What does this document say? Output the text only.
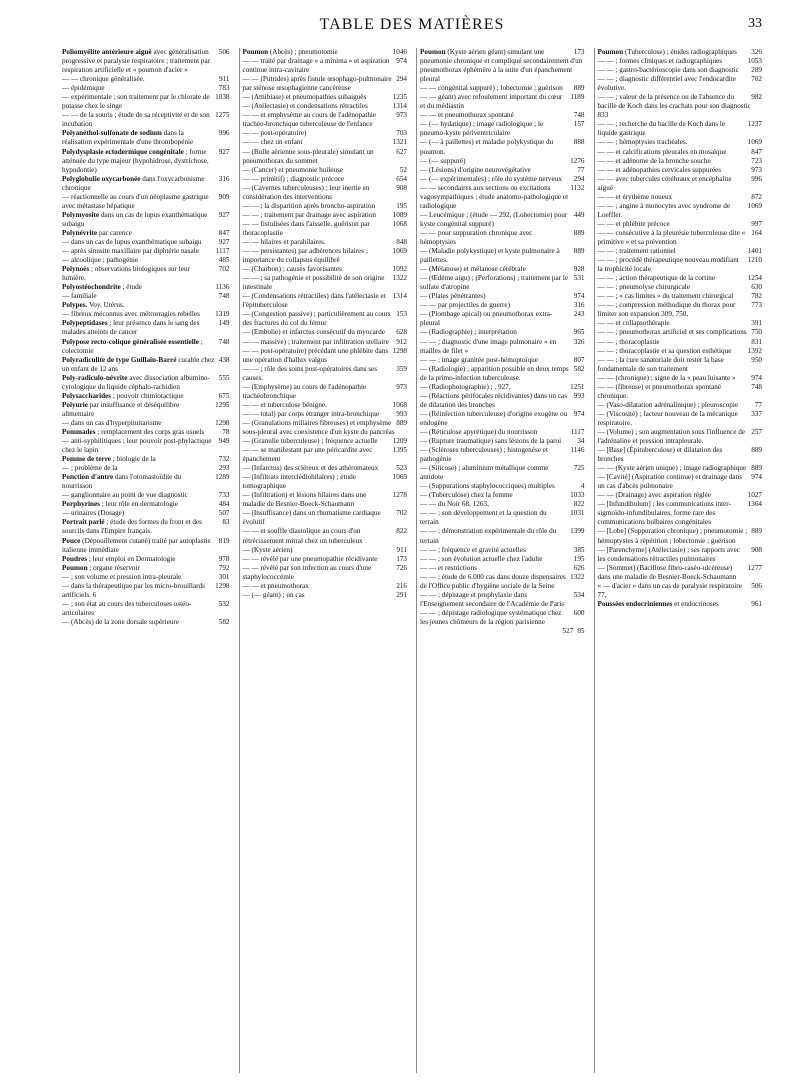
TABLE DES MATIÈRES	33

506
Poliomyélite antérieure aiguë avec généralisation progressive et paralysie respiratoire ; traitement par respiration artificielle et « poumon d'acier »

911
— — chronique généralisée.

783
— épidémique

1038
— expérimentale ; son traitement par le chlorate de potasse chez le singe

1275
— — de la souris ; étude de sa réceptivité et de son incubation

996
Polyanéthol-sulfonate de sodium dans la réalisation expérimentale d'une thrombopénie

927
Polydysplasie ectodermique congénitale ; forme atténuée du type majeur (hypohidrose, dystrichose, hypodontie)

316
Polyglobulie oxycarbonée dans l'oxycarbonisme chronique

909
— réactionnelle au cours d'un néoplasme gastrique avec métastase hépatique

927
Polymyosite dans un cas de lupus exanthématique subaigu

847
Polynévrite par carence

927
— dans un cas de lupus exanthématique subaigu

1117
— après sinusite maxillaire par diphtérie nasale

485
— alcoolique ; pathogénie

702
Polynoés ; observations biologiques sur leur lumière.

1136
Polyostéochondrite ; étude

748
— familiale

Polypes. Voy. Utérus.

1319
— fibreux méconnus avec métrorragies rebelles

149
Polypeptidases ; leur présence dans le sang des malades atteints de cancer

748
Polypose recto-colique généralisée essentielle ; colectomie

438
Polyradiculite de type Guillain-Barré curable chez un enfant de 12 ans

555
Poly-radiculo-névrite avec dissociation albumino-cytologique du liquide céphalo-rachidien

675
Polysaccharides ; pouvoir chimiotactique

1295
Polyurie par insuffisance et déséquilibre alimentaire

1298
— dans un cas d'hyperpituitarisme

78
Pommades ; remplacement des corps gras usuels

949
— anti-syphilitiques ; leur pouvoir post-phylactique chez le lapin

732
Pomme de terre ; biologie de la

293
— ; problème de la

1289
Ponction d'antre dans l'otomastoïdite du nourrisson

733
— ganglionnaire au point de vue diagnostic

484
Porphyrines ; leur rôle en dermatologie

507
— urinaires (Dosage)

83
Portrait parlé ; étude des formes du front et des sourcils dans l'Empire français.

819
Pouce (Dépouillement cutané) traité par autoplastie italienne immédiate

978
Poudres ; leur emploi en Dermatologie

792
Poumon ; organe réservoir

301
— ; son volume et pression intra-pleurale

1298
— dans la thérapeutique par les micro-brouillards artificiels. 6

532
— ; son état au cours des tuberculoses ostéo-articulaires

582
— (Abcès) de la zone dorsale supérieure

1046
Poumon (Abcès) ; pneumotomie

974
— — traité par drainage « a minima » et aspiration continue intra-cavitaire

294
— — (Putrides) après fistule œsophago-pulmonaire par sténose œsophagienne cancéreuse

1235
— (Amibiase) et pneumopathies subaiguës

1314
— (Atélectasie) et condensations rétractiles

973
— — et emphysème au cours de l'adénopathie trachéo-bronchique tuberculeuse de l'enfance

703
— — post-opératoire)

1321
— — chez un enfant

627
— (Bulle aérienne sous-pleurale) simulant un pneumothorax du sommet

52
— (Cancer) et pneumonie huileuse

654
— — primitif) ; diagnostic précoce

908
— (Cavernes tuberculeuses) ; leur inertie en considération des interventions

195
— — ; la disparition après broncho-aspiration

1089
— — ; traitement par drainage avec aspiration

1068
— — fistulisées dans l'aisselle, guérison par thoracoplastie

848
— — hilaires et parahilaires.

1069
— — persistantes) par adhérences hilaires ; importance du collapsus équilibré

1092
— (Charbon) ; causes favorisantes

1322
— — ; sa pathogénie et possibilité de son origine intestinale

1314
— (Condensations rétractiles) dans l'atélectasie et l'épituberculose

153
— (Congestion passive) ; particulièrement au cours des fractures du col du fémur

628
— (Embolie) et infarctus consécutif du myocarde

912
— — massive) ; traitement par infiltration stellaire

1298
— — post-opératoire) précédant une phlébite dans une opération d'hallux valgus

359
— — ; rôle des soins post-opératoires dans ses causes.

973
— (Emphysème) au cours de l'adénopathie trachéobronchique

1068
— — et tuberculose bénigne.

993
— — total) par corps étranger intra-bronchique

889
— (Granulations miliaires fibreuses) et emphysème sous-pleural avec coexistence d'un kyste du pancréas

1209
— (Granulie tuberculeuse) ; fréquence actuelle

1395
— — se manifestant par une péricardite avec épanchement

523
— (Infarctus) des scléreux et des athéromateux

1069
— (Infiltrats interclédiohilaires) ; étude tomographique

1278
— (Infiltration) et lésions hilaires dans une maladie de Besnier-Boeck-Schaumann

702
— (Insuffisance) dans un rhumatisme cardiaque évolutif

822
— — et souffle diastolique au cours d'un rétrécissement mitral chez un tuberculeux

911
— (Kyste aérien)

173
— — révélé par une pneumopathie récidivante

726
— — révélé par son infection au cours d'une staphylococcémie

216
— — et pneumothorax

291
— (— géant) ; un cas

173
Poumon (Kyste aérien géant) simulant une pneumonie chronique et compliqué secondairement d'un pneumothorax éphémère à la suite d'un épanchement pleural

889
— — congénital suppuré) ; lobectomie ; guérison

1189
— — géant) avec refoulement important du cœur et du médiastin

748
— — et pneumothorax spontané

157
— (— hydatique) ; image radiologique ; le pneumo-kyste périventriculaire

888
— (— à paillettes) et maladie polykystique du poumon.

1276
— (— suppuré)

77
— (Lésions) d'origine neurovégétative

294
— (— expérimentales) ; rôle du système nerveux

1132
— — secondaires aux sections ou excitations vagosympathiques ; étude anatomo-pathologique et radiologique

449
— Leucémique ; (étude — 292, (Lobectomie) pour kyste congénital suppuré)

889
— — pour suppuration chronique avec hémoptysies

889
— (Maladie polykystique) et kyste pulmonaire à paillettes.

928
— (Mélanose) et mélanose cérébrale

531
— (Œdème aigu) ; (Perforations) ; traitement par le sulfate d'atropine

974
— (Plaies pénétrantes)

316
— — par projectiles de guerre)

243
— (Plombage apical) ou pneumothorax extra-pleural

965
— (Radiographie) ; interprétation

326
— — ; diagnostic d'une image pulmonaire « en mailles de filet »

807
— — ; image granitée post-hémoptoïque

582
— (Radiologie) ; apparition possible en deux temps de la primo-infection tuberculeuse.

1251
— (Radiophotographie) ; . 927,

993
— (Réactions périfocales récidivantes) dans un cas de dilatation des bronches

974
— (Réinfection tuberculeuse) d'origine exogène ou endogène

1117
— (Réticulose apyrétique) du nourrisson

34
— (Rupture traumatique) sans lésions de la paroi

1146
— (Scléroses tuberculeuses) ; histogenèse et pathogénie

725
— (Silicose) ; aluminium métallique comme antidote

4
— (Suppurations staphylococciques) multiples

1033
— (Tuberculose) chez la femme

822
— — du Noir 68, 1263,

1031
— — ; son développement et la question du terrain

1399
— — ; démonstration expérimentale du rôle du terrain

385
— — ; fréquence et gravité actuelles

195
— — ; son évolution actuelle chez l'adulte

626
— — et restrictions

1322
— — ; étude de 6.000 cas dans douze dispensaires de l'Office public d'hygiène sociale de la Seine

534
— — ; dépistage et prophylaxie dans l'Enseignement secondaire de l'Académie de Paris

600
— — ; dépistage radiologique systématique chez les jeunes chômeurs de la région parisienne

85

527

326
Poumon (Tuberculose) ; études radiographiques

1053
— — ; formes cliniques et radiographiques

289
— — ; gastro-bactérioscopie dans son diagnostic

702
— — ; diagnostic différentiel avec l'endocardite évolutive.

982
— — ; valeur de la présence ou de l'absence du bacille de Koch dans les crachats pour son diagnostic 833

1237
— — ; recherche du bacille de Koch dans le liquide gastrique

1069
— — ; hémoptysies trachéales.

847
— — et calcifications pleurales en mosaïque

723
— — et adénome de la bronche souche

973
— — et adénopathies cervicales suppurées

996
— — avec tubercules cérébraux et encéphalite aiguë

872
— — et érythème noueux

1069
— — ; angine à monocytes avec syndrome de Loeffler.

997
— — et phlébite précoce

164
— — consécutive à la pleurésie tuberculeuse dite « primitive » et sa prévention

1401
— — ; traitement rationnel

1210
— — ; procédé thérapeutique nouveau modifiant la trophicité locale

1254
— — ; action thérapeutique de la cortine

630
— — ; pneumolyse chirurgicale

782
— — ; « cas limites » du traitement chirurgical

773
— — ; compression méthodique du thorax pour limiter son expansion 309, 750,

391
— — et collapsothérapie

750
— — ; pneumothorax artificiel et ses complications

831
— — ; thoracoplastie

1392
— — ; thoracoplastie et sa question esthétique

950
— — ; la cure sanatoriale doit rester la base fondamentale de son traitement

974
— — (chronique) ; signe de la « peau luisante »

748
— — (fibreuse) et pneumothorax spontané chronique.

77
— (Vaso-dilatation adrénalinique) ; pleuroscopie

337
— (Viscosité) ; facteur nouveau de la mécanique respiratoire.

257
— (Volume) ; son augmentation sous l'influence de l'adrénaline et pression intrapleurale.

889
— [Base] (Épituberculose) et dilatation des bronches

889
— — (Kyste aérien unique) ; image radiographique

974
— [Cavité] (Aspiration continue) et drainage dans un cas d'abcès pulmonaire

1027
— — (Drainage) avec aspiration réglée

1364
— [Infundibulum] ; les communications inter-sigmoïdo-infundibulaires, forme rare des communications bulbaires congénitales

889
— [Lobe] (Suppuration chronique) ; pneumotomie ; hémoptysies à répétition ; lobectomie ; guérison

908
— [Parenchyme] (Atélectasie) ; ses rapports avec les condensations rétractiles pulmonaires

1277
— [Sommet] (Bacillose fibro-caséo-ulcéreuse) dans une maladie de Besnier-Boeck-Schaumann

506
« — d'acier » dans un cas de paralysie respiratoire 77,

961
Poussées endocriniennes et endocrinoses
